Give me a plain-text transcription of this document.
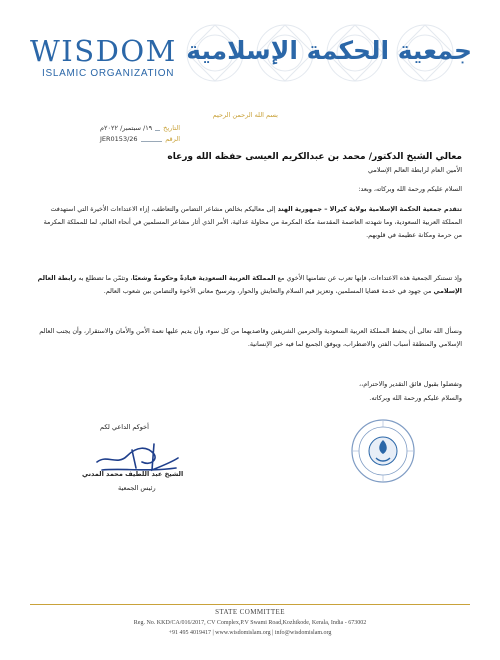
WISDOM
ISLAMIC ORGANIZATION
جمعية الحكمة الإسلامية
بسم الله الرحمن الرحيم
١٩/ سبتمبر/ ٢٠٢٢م التاريخ
JER0153/26	الرقم
معالي الشيخ الدكتور/ محمد بن عبدالكريم العيسى حفظه الله ورعاه
الأمين العام لرابطة العالم الإسلامي
السلام عليكم ورحمة الله وبركاته، وبعد:
تتقدم جمعية الحكمة الإسلامية بولاية كيرالا – جمهورية الهند إلى معاليكم بخالص مشاعر التضامن والتعاطف، إزاء الاعتداءات الأخيرة التي استهدفت المملكة العربية السعودية، وما شهدته العاصمة المقدسة مكة المكرمة من محاولة عدائية، الأمر الذي أثار مشاعر المسلمين في أنحاء العالم، لما للمملكة المكرمة من حرمة ومكانة عظيمة في قلوبهم.
وإذ تستنكر الجمعية هذه الاعتداءات، فإنها تعرب عن تضامنها الأخوي مع المملكة العربية السعودية قيادةً وحكومةً وشعبًا، وتثمّن ما تضطلع به رابطة العالم الإسلامي من جهود في خدمة قضايا المسلمين، وتعزيز قيم السلام والتعايش والحوار، وترسيخ معاني الأخوة والتضامن بين شعوب العالم.
ونسأل الله تعالى أن يحفظ المملكة العربية السعودية والحرمين الشريفين وقاصديهما من كل سوء، وأن يديم عليها نعمة الأمن والأمان والاستقرار، وأن يجنب العالم الإسلامي والمنطقة أسباب الفتن والاضطراب، ويوفق الجميع لما فيه خير الإنسانية.
وتفضلوا بقبول فائق التقدير والاحترام،،
والسلام عليكم ورحمة الله وبركاته.
أخوكم الداعي لكم
الشيخ عبد اللطيف محمد المدني
رئيس الجمعية
STATE COMMITTEE
Reg. No. KKD/CA/016/2017, CV Complex,P.V Swami Road,Kozhikode, Kerala, India - 673002
+91 495 4019417 | www.wisdomislam.org | info@wisdomislam.org
